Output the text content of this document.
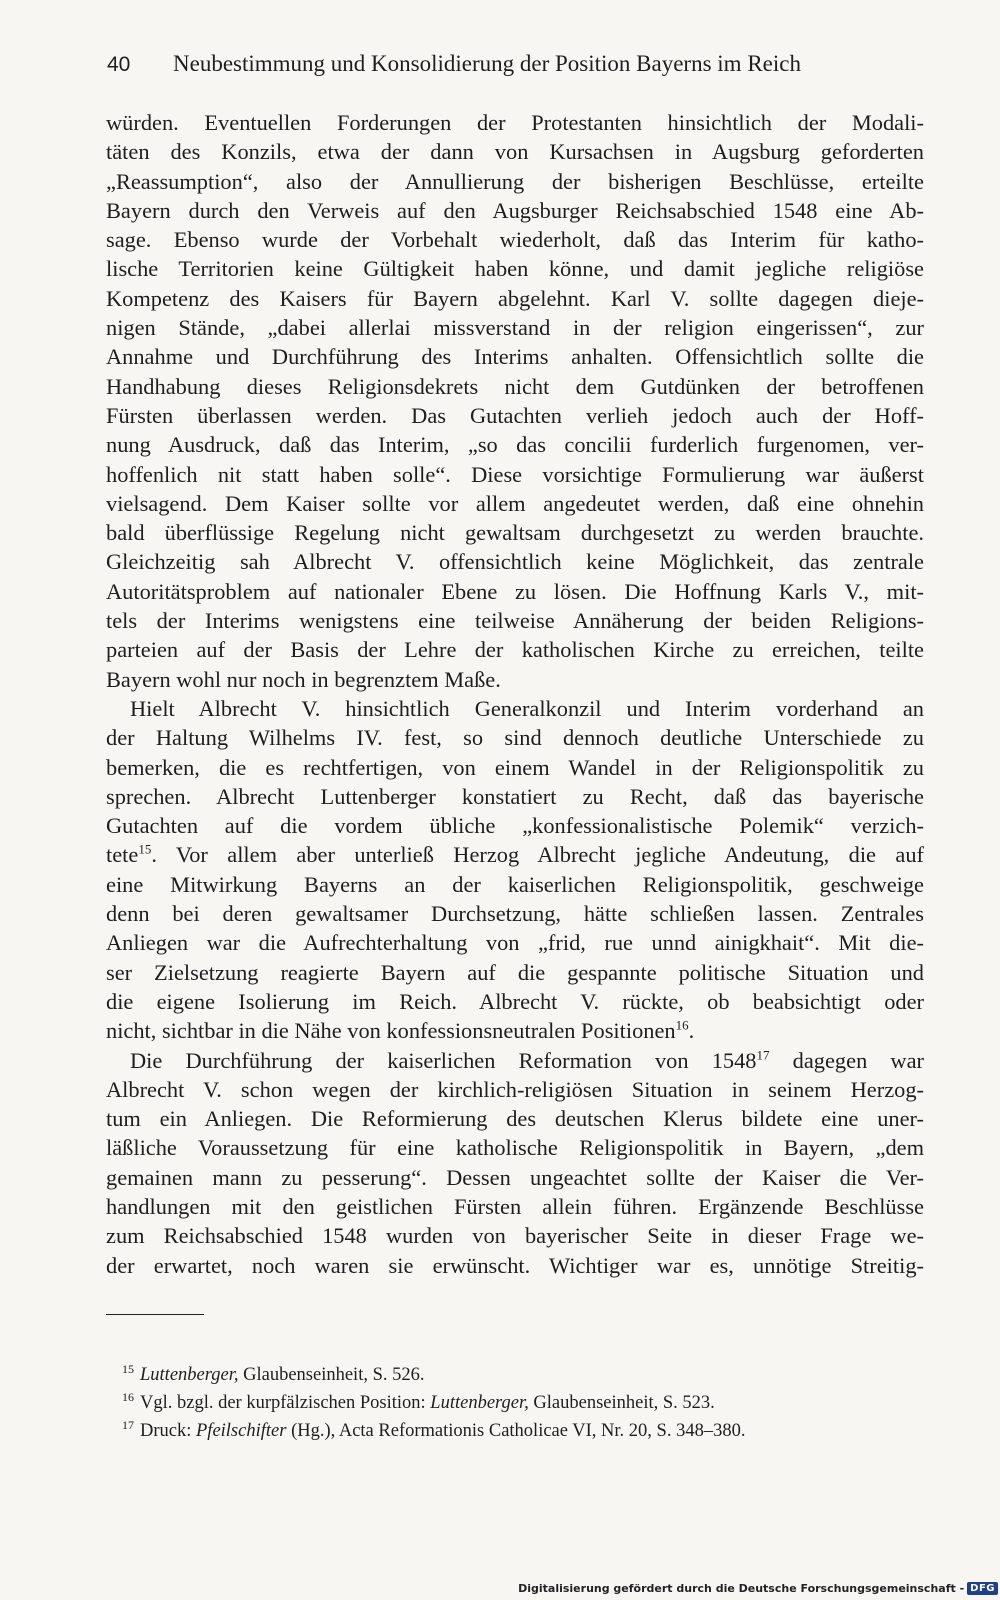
40 Neubestimmung und Konsolidierung der Position Bayerns im Reich
würden. Eventuellen Forderungen der Protestanten hinsichtlich der Modali-
täten des Konzils, etwa der dann von Kursachsen in Augsburg geforderten
„Reassumption“, also der Annullierung der bisherigen Beschlüsse, erteilte
Bayern durch den Verweis auf den Augsburger Reichsabschied 1548 eine Ab-
sage. Ebenso wurde der Vorbehalt wiederholt, daß das Interim für katho-
lische Territorien keine Gültigkeit haben könne, und damit jegliche religiöse
Kompetenz des Kaisers für Bayern abgelehnt. Karl V. sollte dagegen dieje-
nigen Stände, „dabei allerlai missverstand in der religion eingerissen“, zur
Annahme und Durchführung des Interims anhalten. Offensichtlich sollte die
Handhabung dieses Religionsdekrets nicht dem Gutdünken der betroffenen
Fürsten überlassen werden. Das Gutachten verlieh jedoch auch der Hoff-
nung Ausdruck, daß das Interim, „so das concilii furderlich furgenomen, ver-
hoffenlich nit statt haben solle“. Diese vorsichtige Formulierung war äußerst
vielsagend. Dem Kaiser sollte vor allem angedeutet werden, daß eine ohnehin
bald überflüssige Regelung nicht gewaltsam durchgesetzt zu werden brauchte.
Gleichzeitig sah Albrecht V. offensichtlich keine Möglichkeit, das zentrale
Autoritätsproblem auf nationaler Ebene zu lösen. Die Hoffnung Karls V., mit-
tels der Interims wenigstens eine teilweise Annäherung der beiden Religions-
parteien auf der Basis der Lehre der katholischen Kirche zu erreichen, teilte
Bayern wohl nur noch in begrenztem Maße.
Hielt Albrecht V. hinsichtlich Generalkonzil und Interim vorderhand an
der Haltung Wilhelms IV. fest, so sind dennoch deutliche Unterschiede zu
bemerken, die es rechtfertigen, von einem Wandel in der Religionspolitik zu
sprechen. Albrecht Luttenberger konstatiert zu Recht, daß das bayerische
Gutachten auf die vordem übliche „konfessionalistische Polemik“ verzich-
tete$^{15}$. Vor allem aber unterließ Herzog Albrecht jegliche Andeutung, die auf
eine Mitwirkung Bayerns an der kaiserlichen Religionspolitik, geschweige
denn bei deren gewaltsamer Durchsetzung, hätte schließen lassen. Zentrales
Anliegen war die Aufrechterhaltung von „frid, rue unnd ainigkhait“. Mit die-
ser Zielsetzung reagierte Bayern auf die gespannte politische Situation und
die eigene Isolierung im Reich. Albrecht V. rückte, ob beabsichtigt oder
nicht, sichtbar in die Nähe von konfessionsneutralen Positionen$^{16}$.
Die Durchführung der kaiserlichen Reformation von 1548$^{17}$ dagegen war
Albrecht V. schon wegen der kirchlich-religiösen Situation in seinem Herzog-
tum ein Anliegen. Die Reformierung des deutschen Klerus bildete eine uner-
läßliche Voraussetzung für eine katholische Religionspolitik in Bayern, „dem
gemainen mann zu pesserung“. Dessen ungeachtet sollte der Kaiser die Ver-
handlungen mit den geistlichen Fürsten allein führen. Ergänzende Beschlüsse
zum Reichsabschied 1548 wurden von bayerischer Seite in dieser Frage we-
der erwartet, noch waren sie erwünscht. Wichtiger war es, unnötige Streitig-
$^{15}$ Luttenberger, Glaubenseinheit, S. 526.
$^{16}$ Vgl. bzgl. der kurpfälzischen Position: Luttenberger, Glaubenseinheit, S. 523.
$^{17}$ Druck: Pfeilschifter (Hg.), Acta Reformationis Catholicae VI, Nr. 20, S. 348–380.
Digitalisierung gefördert durch die Deutsche Forschungsgemeinschaft - DFG
